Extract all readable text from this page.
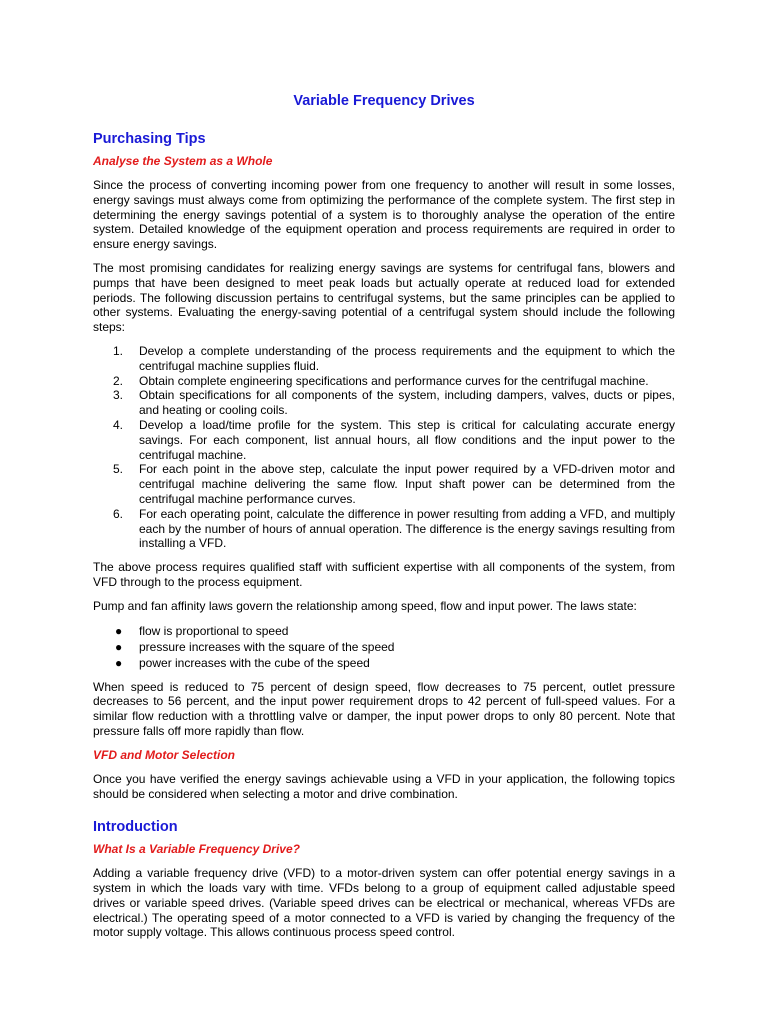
Variable Frequency Drives
Purchasing Tips
Analyse the System as a Whole

Since the process of converting incoming power from one frequency to another will result in some losses, energy savings must always come from optimizing the performance of the complete system. The first step in determining the energy savings potential of a system is to thoroughly analyse the operation of the entire system. Detailed knowledge of the equipment operation and process requirements are required in order to ensure energy savings.

The most promising candidates for realizing energy savings are systems for centrifugal fans, blowers and pumps that have been designed to meet peak loads but actually operate at reduced load for extended periods. The following discussion pertains to centrifugal systems, but the same principles can be applied to other systems. Evaluating the energy-saving potential of a centrifugal system should include the following steps:

1. Develop a complete understanding of the process requirements and the equipment to which the centrifugal machine supplies fluid.
2. Obtain complete engineering specifications and performance curves for the centrifugal machine.
3. Obtain specifications for all components of the system, including dampers, valves, ducts or pipes, and heating or cooling coils.
4. Develop a load/time profile for the system. This step is critical for calculating accurate energy savings. For each component, list annual hours, all flow conditions and the input power to the centrifugal machine.
5. For each point in the above step, calculate the input power required by a VFD-driven motor and centrifugal machine delivering the same flow. Input shaft power can be determined from the centrifugal machine performance curves.
6. For each operating point, calculate the difference in power resulting from adding a VFD, and multiply each by the number of hours of annual operation. The difference is the energy savings resulting from installing a VFD.

The above process requires qualified staff with sufficient expertise with all components of the system, from VFD through to the process equipment.

Pump and fan affinity laws govern the relationship among speed, flow and input power. The laws state:

● flow is proportional to speed
● pressure increases with the square of the speed
● power increases with the cube of the speed

When speed is reduced to 75 percent of design speed, flow decreases to 75 percent, outlet pressure decreases to 56 percent, and the input power requirement drops to 42 percent of full-speed values. For a similar flow reduction with a throttling valve or damper, the input power drops to only 80 percent. Note that pressure falls off more rapidly than flow.

VFD and Motor Selection

Once you have verified the energy savings achievable using a VFD in your application, the following topics should be considered when selecting a motor and drive combination.

Introduction
What Is a Variable Frequency Drive?

Adding a variable frequency drive (VFD) to a motor-driven system can offer potential energy savings in a system in which the loads vary with time. VFDs belong to a group of equipment called adjustable speed drives or variable speed drives. (Variable speed drives can be electrical or mechanical, whereas VFDs are electrical.) The operating speed of a motor connected to a VFD is varied by changing the frequency of the motor supply voltage. This allows continuous process speed control.
